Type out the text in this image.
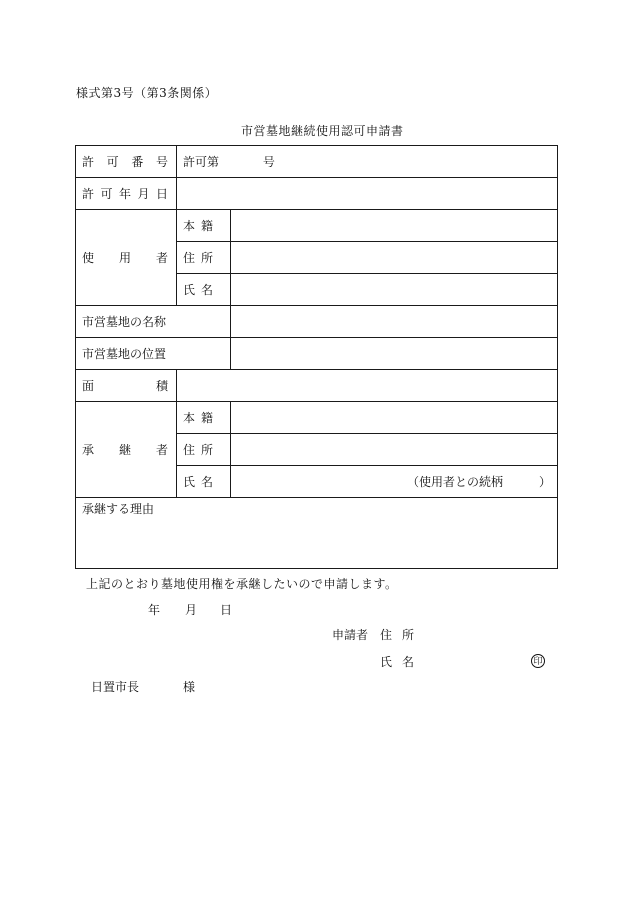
様式第3号（第3条関係）
市営墓地継続使用認可申請書
許 可 番 号	許可第 号	

許 可 年 月 日		

使 用 者	本 籍	

	住 所	

	氏 名	

市営墓地の名称		
市営墓地の位置		

面 積		

承 継 者	本 籍	

	住 所	

	氏 名	（使用者との続柄　　　）
承継する理由		
上記のとおり墓地使用権を承継したいので申請します。
年 月 日
申請者 住 所
氏 名	印
日置市長	様
